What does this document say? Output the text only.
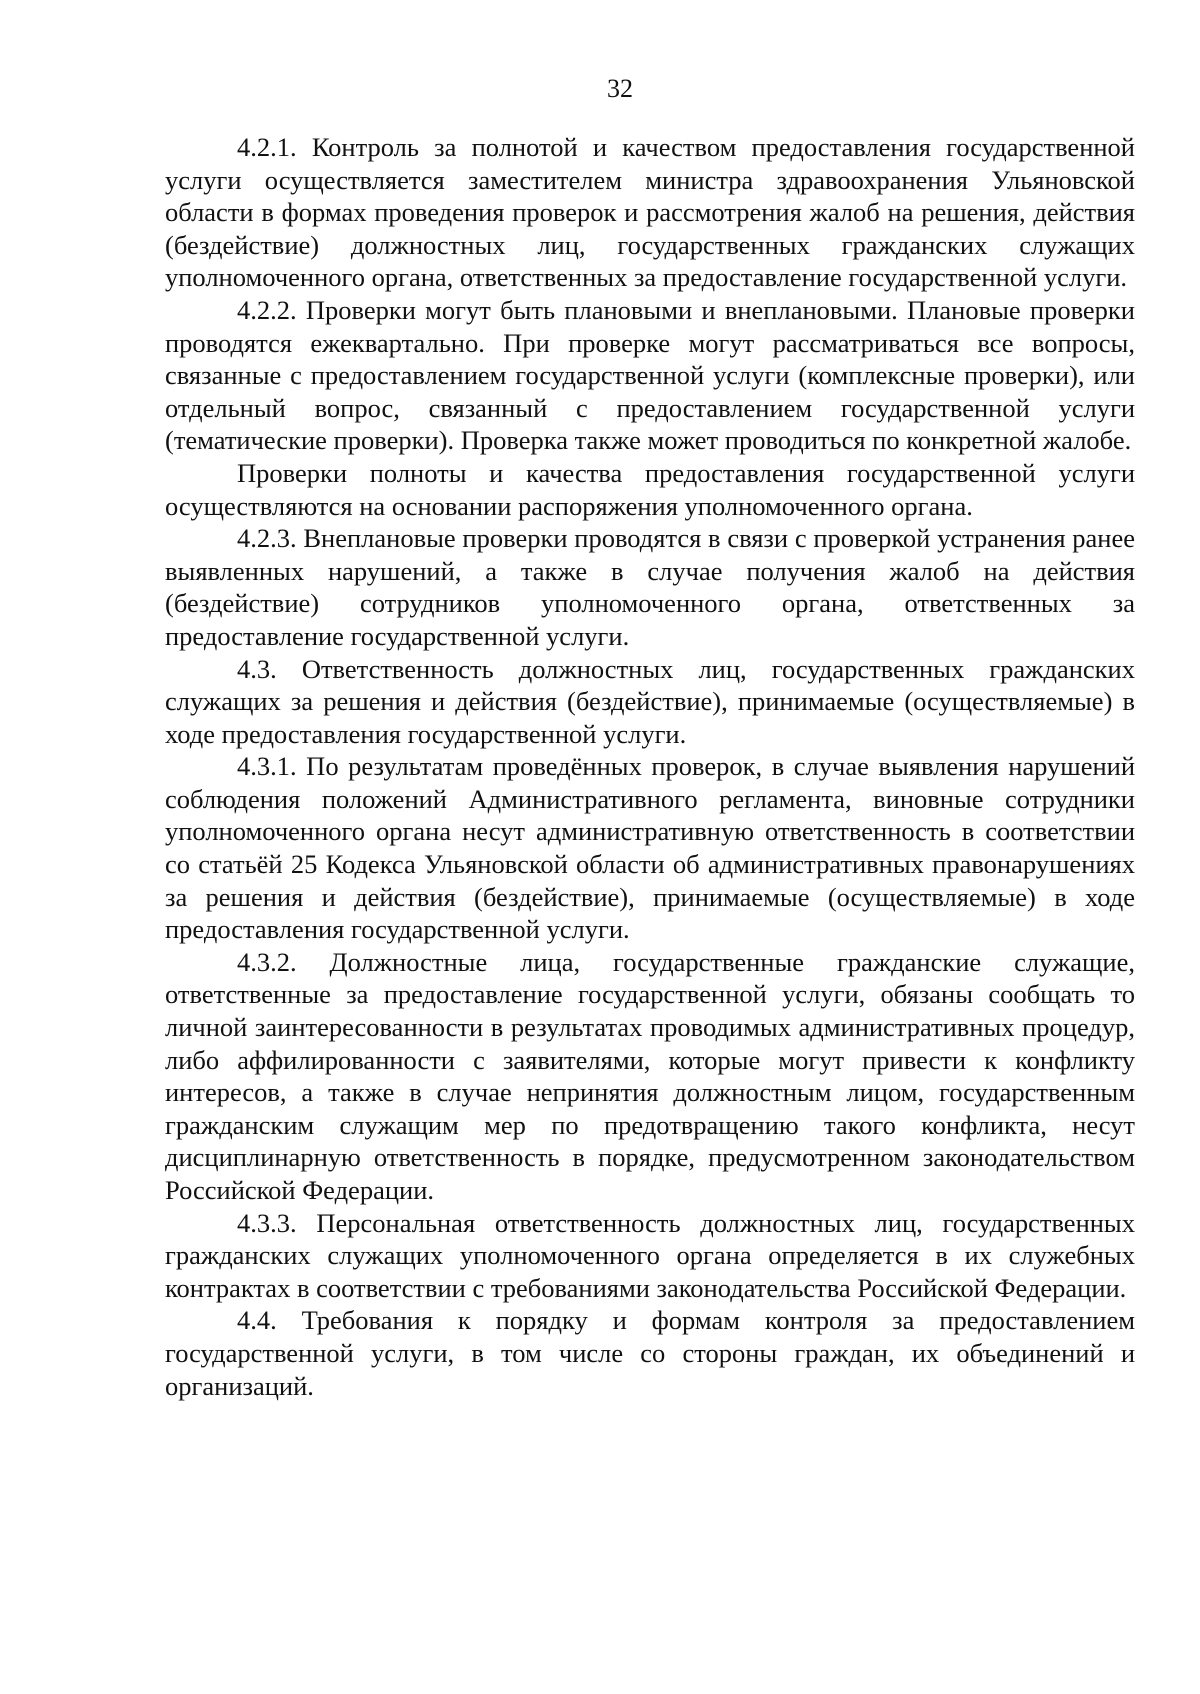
32

4.2.1. Контроль за полнотой и качеством предоставления государственной услуги осуществляется заместителем министра здравоохранения Ульяновской области в формах проведения проверок и рассмотрения жалоб на решения, действия (бездействие) должностных лиц, государственных гражданских служащих уполномоченного органа, ответственных за предоставление государственной услуги.

4.2.2. Проверки могут быть плановыми и внеплановыми. Плановые проверки проводятся ежеквартально. При проверке могут рассматриваться все вопросы, связанные с предоставлением государственной услуги (комплексные проверки), или отдельный вопрос, связанный с предоставлением государственной услуги (тематические проверки). Проверка также может проводиться по конкретной жалобе.

Проверки полноты и качества предоставления государственной услуги осуществляются на основании распоряжения уполномоченного органа.

4.2.3. Внеплановые проверки проводятся в связи с проверкой устранения ранее выявленных нарушений, а также в случае получения жалоб на действия (бездействие) сотрудников уполномоченного органа, ответственных за предоставление государственной услуги.

4.3. Ответственность должностных лиц, государственных гражданских служащих за решения и действия (бездействие), принимаемые (осуществляемые) в ходе предоставления государственной услуги.

4.3.1. По результатам проведённых проверок, в случае выявления нарушений соблюдения положений Административного регламента, виновные сотрудники уполномоченного органа несут административную ответственность в соответствии со статьёй 25 Кодекса Ульяновской области об административных правонарушениях за решения и действия (бездействие), принимаемые (осуществляемые) в ходе предоставления государственной услуги.

4.3.2. Должностные лица, государственные гражданские служащие, ответственные за предоставление государственной услуги, обязаны сообщать то личной заинтересованности в результатах проводимых административных процедур, либо аффилированности с заявителями, которые могут привести к конфликту интересов, а также в случае непринятия должностным лицом, государственным гражданским служащим мер по предотвращению такого конфликта, несут дисциплинарную ответственность в порядке, предусмотренном законодательством Российской Федерации.

4.3.3. Персональная ответственность должностных лиц, государственных гражданских служащих уполномоченного органа определяется в их служебных контрактах в соответствии с требованиями законодательства Российской Федерации.

4.4. Требования к порядку и формам контроля за предоставлением государственной услуги, в том числе со стороны граждан, их объединений и организаций.
